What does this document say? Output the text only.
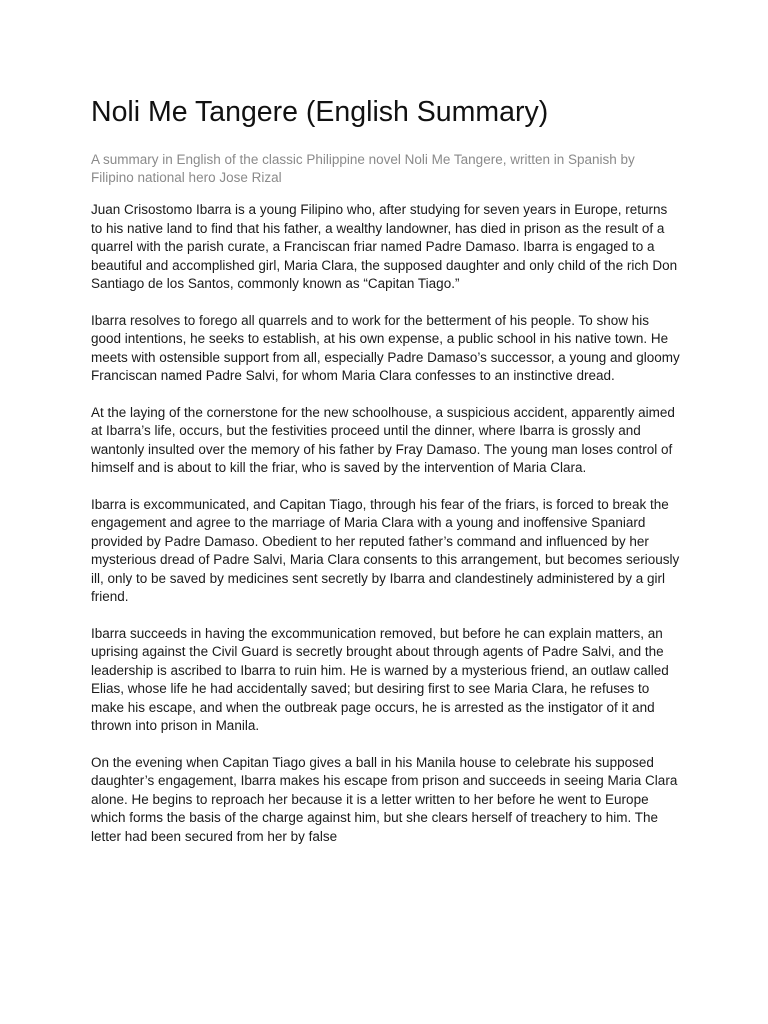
Noli Me Tangere (English Summary)

A summary in English of the classic Philippine novel Noli Me Tangere, written in Spanish by Filipino national hero Jose Rizal

Juan Crisostomo Ibarra is a young Filipino who, after studying for seven years in Europe, returns to his native land to find that his father, a wealthy landowner, has died in prison as the result of a quarrel with the parish curate, a Franciscan friar named Padre Damaso. Ibarra is engaged to a beautiful and accomplished girl, Maria Clara, the supposed daughter and only child of the rich Don Santiago de los Santos, commonly known as “Capitan Tiago.”

Ibarra resolves to forego all quarrels and to work for the betterment of his people. To show his good intentions, he seeks to establish, at his own expense, a public school in his native town. He meets with ostensible support from all, especially Padre Damaso’s successor, a young and gloomy Franciscan named Padre Salvi, for whom Maria Clara confesses to an instinctive dread.

At the laying of the cornerstone for the new schoolhouse, a suspicious accident, apparently aimed at Ibarra’s life, occurs, but the festivities proceed until the dinner, where Ibarra is grossly and wantonly insulted over the memory of his father by Fray Damaso. The young man loses control of himself and is about to kill the friar, who is saved by the intervention of Maria Clara.

Ibarra is excommunicated, and Capitan Tiago, through his fear of the friars, is forced to break the engagement and agree to the marriage of Maria Clara with a young and inoffensive Spaniard provided by Padre Damaso. Obedient to her reputed father’s command and influenced by her mysterious dread of Padre Salvi, Maria Clara consents to this arrangement, but becomes seriously ill, only to be saved by medicines sent secretly by Ibarra and clandestinely administered by a girl friend.

Ibarra succeeds in having the excommunication removed, but before he can explain matters, an uprising against the Civil Guard is secretly brought about through agents of Padre Salvi, and the leadership is ascribed to Ibarra to ruin him. He is warned by a mysterious friend, an outlaw called Elias, whose life he had accidentally saved; but desiring first to see Maria Clara, he refuses to make his escape, and when the outbreak page occurs, he is arrested as the instigator of it and thrown into prison in Manila.

On the evening when Capitan Tiago gives a ball in his Manila house to celebrate his supposed daughter’s engagement, Ibarra makes his escape from prison and succeeds in seeing Maria Clara alone. He begins to reproach her because it is a letter written to her before he went to Europe which forms the basis of the charge against him, but she clears herself of treachery to him. The letter had been secured from her by false
